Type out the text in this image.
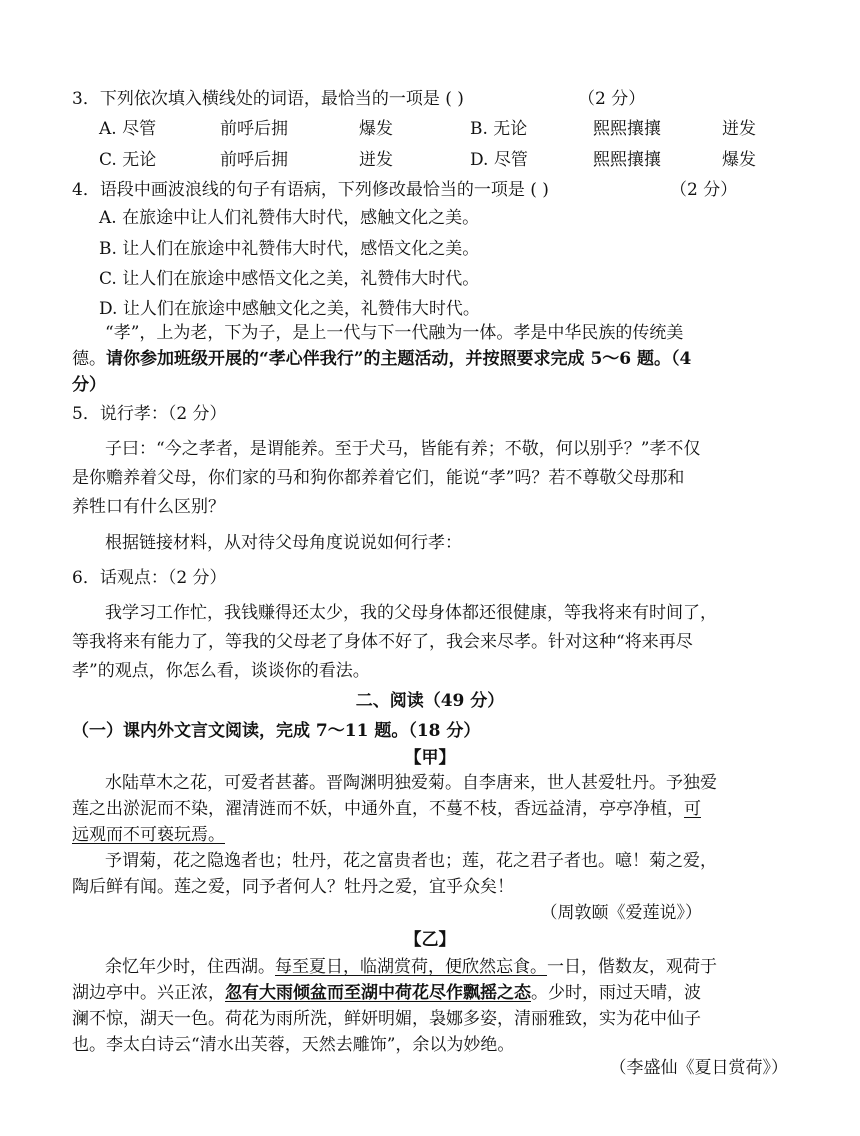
3．下列依次填入横线处的词语，最恰当的一项是 ( )	（2 分）
A. 尽管	前呼后拥	爆发	B. 无论	熙熙攘攘	迸发
C. 无论	前呼后拥	迸发	D. 尽管	熙熙攘攘	爆发
4．语段中画波浪线的句子有语病，下列修改最恰当的一项是 ( )	（2 分）
A. 在旅途中让人们礼赞伟大时代，感触文化之美。
B. 让人们在旅途中礼赞伟大时代，感悟文化之美。
C. 让人们在旅途中感悟文化之美，礼赞伟大时代。
D. 让人们在旅途中感触文化之美，礼赞伟大时代。
“孝”，上为老，下为子，是上一代与下一代融为一体。孝是中华民族的传统美
德。请你参加班级开展的“孝心伴我行”的主题活动，并按照要求完成 5～6 题。（4
分）
5．说行孝：（2 分）
子曰：“今之孝者，是谓能养。至于犬马，皆能有养；不敬，何以别乎？”孝不仅
是你赡养着父母，你们家的马和狗你都养着它们，能说“孝”吗？若不尊敬父母那和
养牲口有什么区别？
根据链接材料，从对待父母角度说说如何行孝：
6．话观点：（2 分）
我学习工作忙，我钱赚得还太少，我的父母身体都还很健康，等我将来有时间了，
等我将来有能力了，等我的父母老了身体不好了，我会来尽孝。针对这种“将来再尽
孝”的观点，你怎么看，谈谈你的看法。
二、阅读（49 分）
（一）课内外文言文阅读，完成 7～11 题。（18 分）
【甲】
水陆草木之花，可爱者甚蕃。晋陶渊明独爱菊。自李唐来，世人甚爱牡丹。予独爱
莲之出淤泥而不染，濯清涟而不妖，中通外直，不蔓不枝，香远益清，亭亭净植，可
远观而不可亵玩焉。
予谓菊，花之隐逸者也；牡丹，花之富贵者也；莲，花之君子者也。噫！菊之爱，
陶后鲜有闻。莲之爱，同予者何人？牡丹之爱，宜乎众矣！
（周敦颐《爱莲说》）
【乙】
余忆年少时，住西湖。每至夏日，临湖赏荷，便欣然忘食。一日，偕数友，观荷于
湖边亭中。兴正浓，忽有大雨倾盆而至湖中荷花尽作飘摇之态。少时，雨过天晴，波
澜不惊，湖天一色。荷花为雨所洗，鲜妍明媚，袅娜多姿，清丽雅致，实为花中仙子
也。李太白诗云“清水出芙蓉，天然去雕饰”，余以为妙绝。
（李盛仙《夏日赏荷》）
